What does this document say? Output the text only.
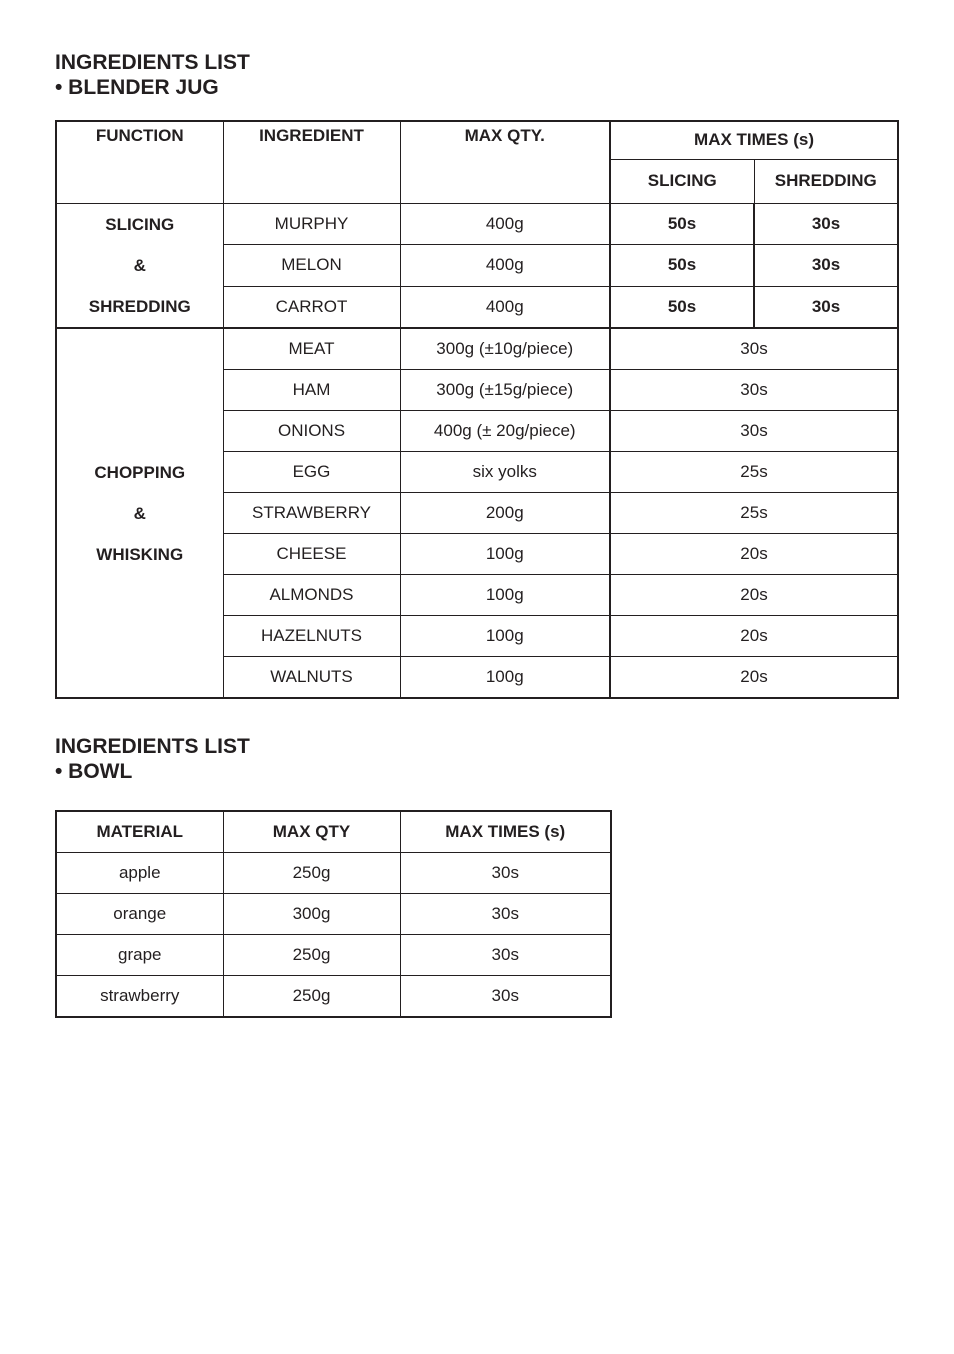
INGREDIENTS LIST
• BLENDER JUG
FUNCTION	INGREDIENT	MAX QTY.	MAX TIMES (s)	
			SLICING	SHREDDING

SLICING
&
SHREDDING	MURPHY	400g	50s	30s
	MELON	400g	50s	30s
	CARROT	400g	50s	30s

CHOPPING
&
WHISKING	MEAT	300g (±10g/piece)	30s	
	HAM	300g (±15g/piece)	30s	
	ONIONS	400g (± 20g/piece)	30s	
	EGG	six yolks	25s	
	STRAWBERRY	200g	25s	
	CHEESE	100g	20s	
	ALMONDS	100g	20s	
	HAZELNUTS	100g	20s	
	WALNUTS	100g	20s	
INGREDIENTS LIST
• BOWL
MATERIAL	MAX QTY	MAX TIMES (s)
apple	250g	30s
orange	300g	30s
grape	250g	30s
strawberry	250g	30s
